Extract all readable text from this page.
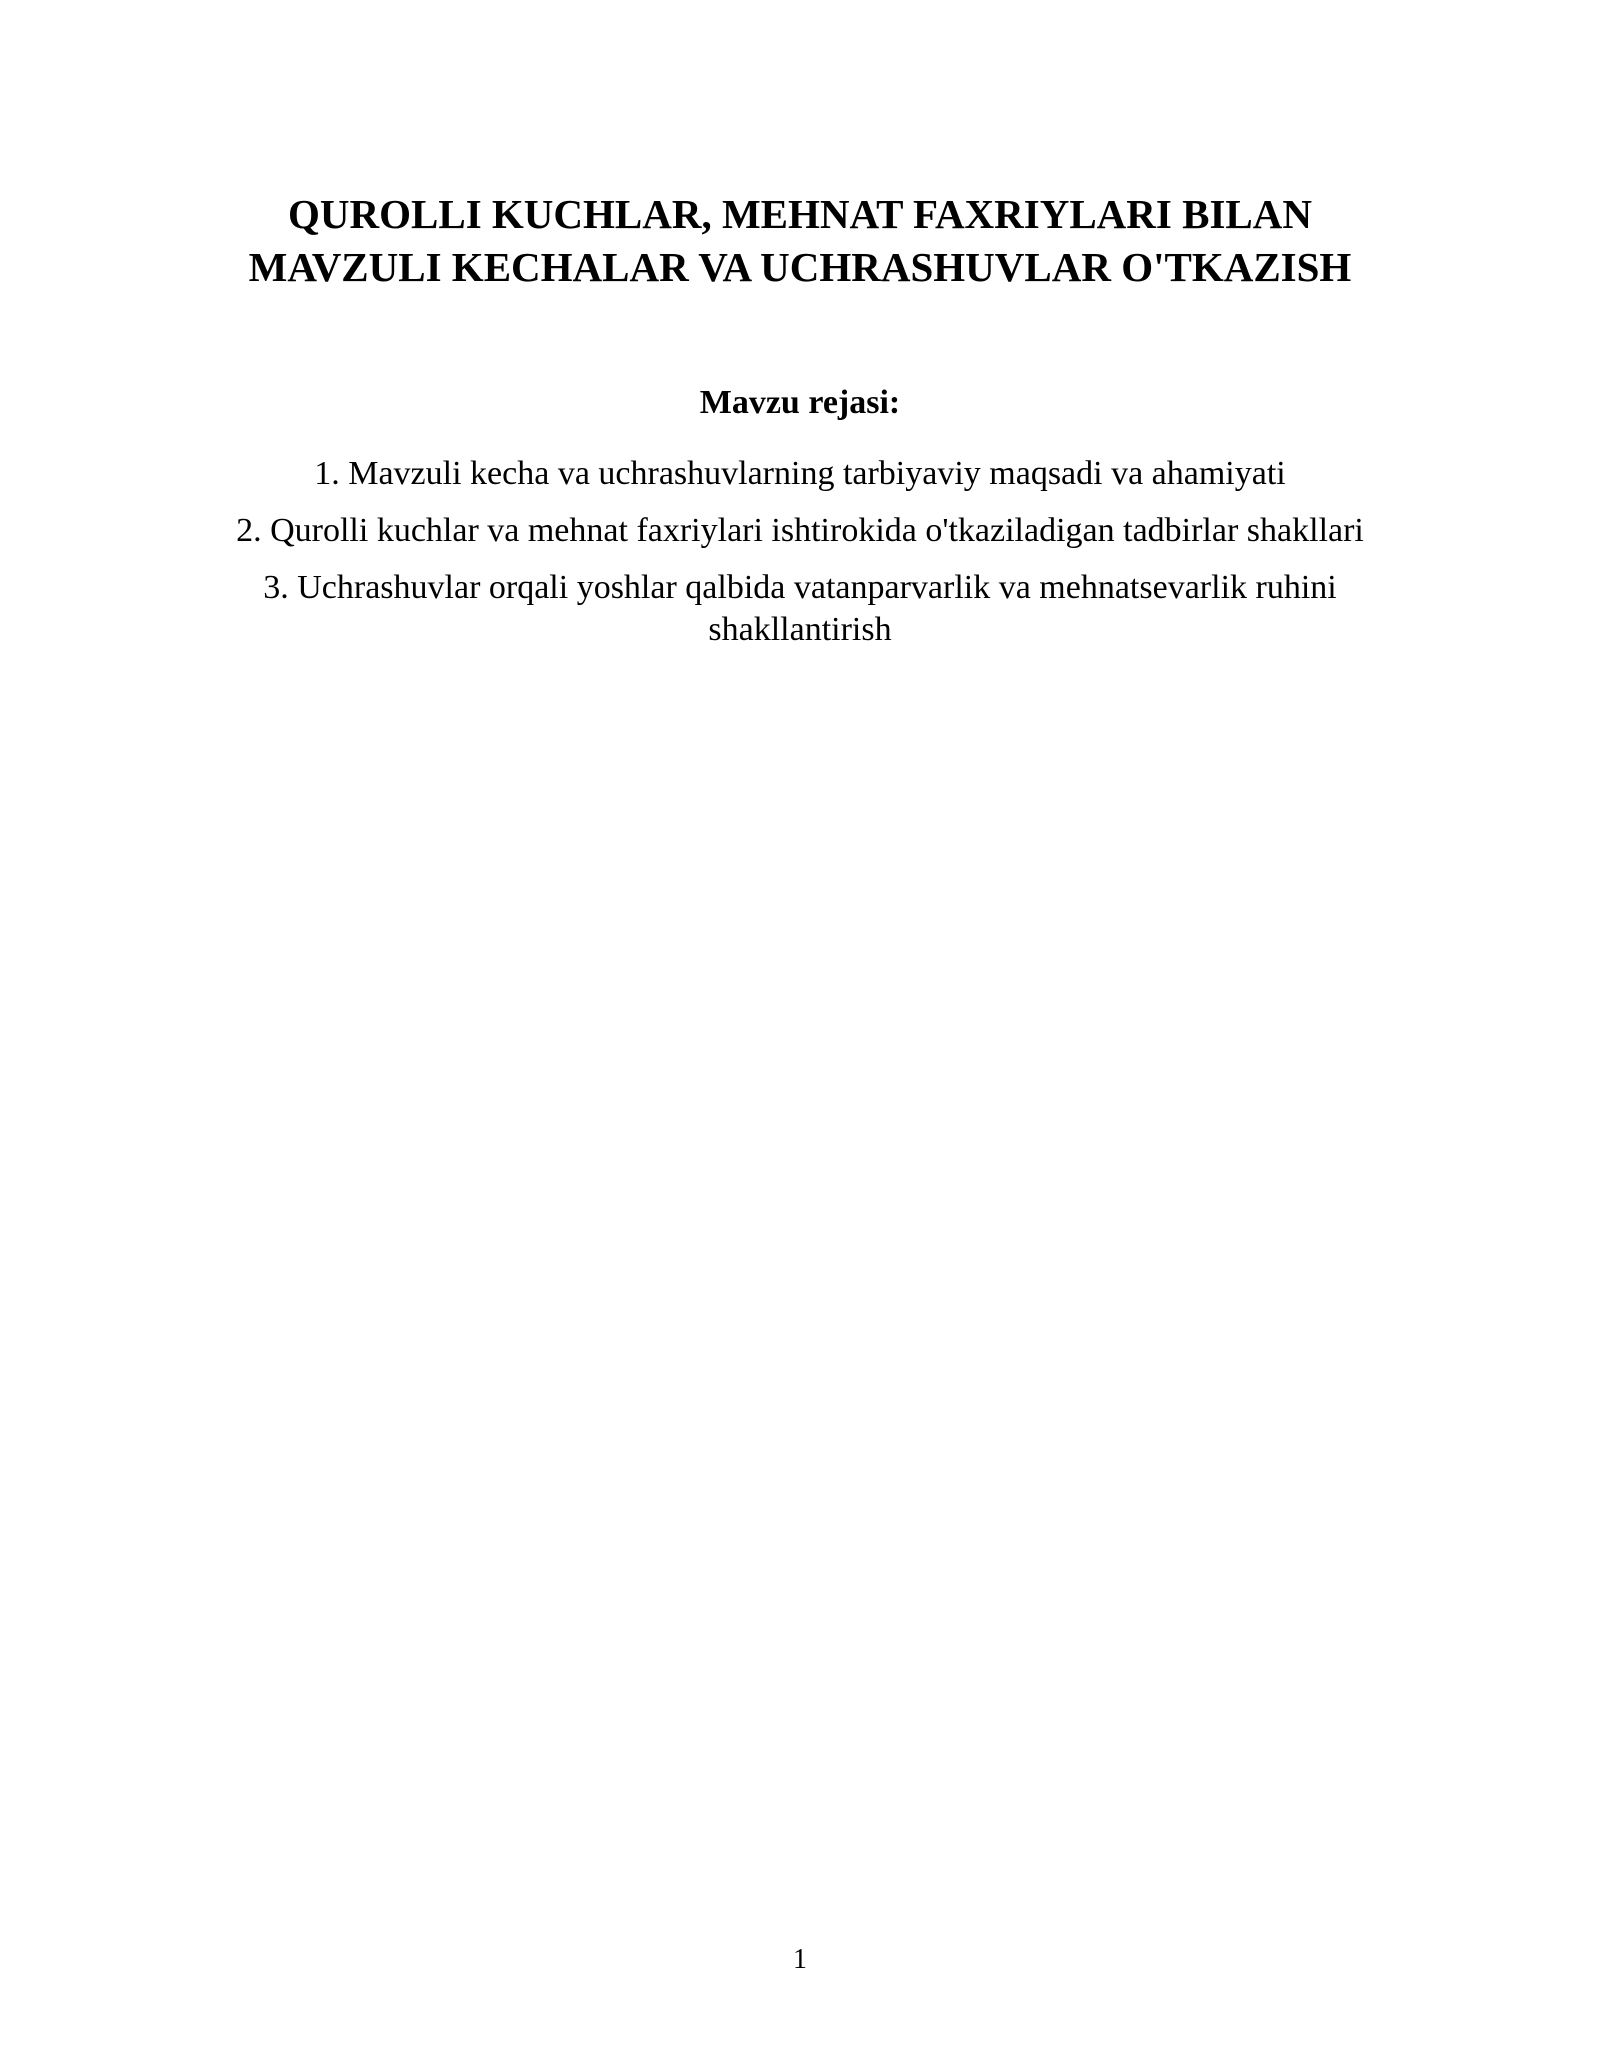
QUROLLI KUCHLAR, MEHNAT FAXRIYLARI BILAN
MAVZULI KECHALAR VA UCHRASHUVLAR O'TKAZISH
Mavzu rejasi:
1. Mavzuli kecha va uchrashuvlarning tarbiyaviy maqsadi va ahamiyati
2. Qurolli kuchlar va mehnat faxriylari ishtirokida o'tkaziladigan tadbirlar shakllari
3. Uchrashuvlar orqali yoshlar qalbida vatanparvarlik va mehnatsevarlik ruhini shakllantirish
1
